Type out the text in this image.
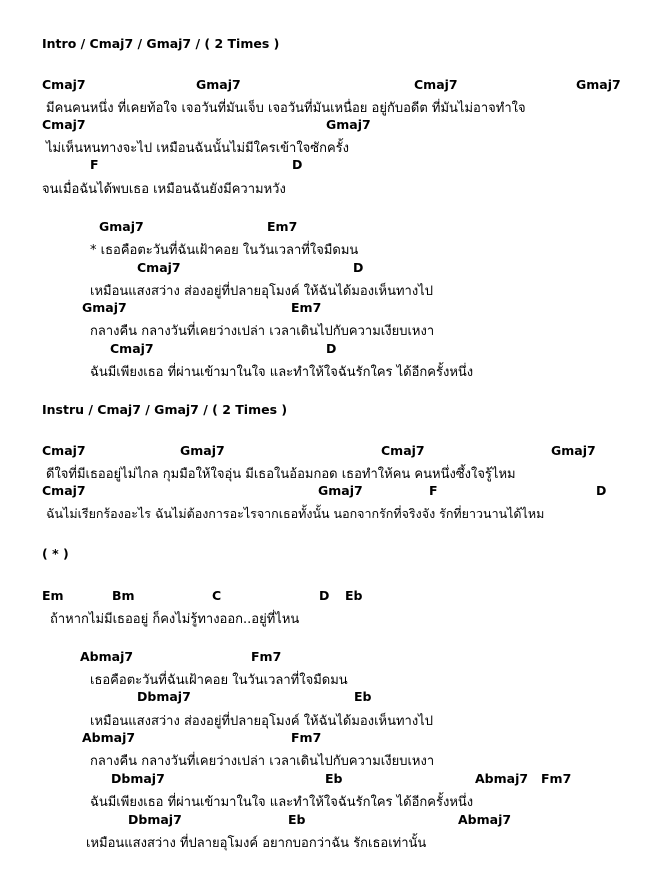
Intro / Cmaj7 / Gmaj7 / ( 2 Times )
Cmaj7	Gmaj7	Cmaj7	Gmaj7
มีคนคนหนึ่ง ที่เคยท้อใจ เจอวันที่มันเจ็บ เจอวันที่มันเหนื่อย อยู่กับอดีต ที่มันไม่อาจทำใจ
Cmaj7	Gmaj7
ไม่เห็นหนทางจะไป เหมือนฉันนั้นไม่มีใครเข้าใจซักครั้ง
F	D
จนเมื่อฉันได้พบเธอ เหมือนฉันยังมีความหวัง
Gmaj7	Em7
* เธอคือตะวันที่ฉันเฝ้าคอย ในวันเวลาที่ใจมืดมน
Cmaj7	D
เหมือนแสงสว่าง ส่องอยู่ที่ปลายอุโมงค์ ให้ฉันได้มองเห็นทางไป
Gmaj7	Em7
กลางคืน กลางวันที่เคยว่างเปล่า เวลาเดินไปกับความเงียบเหงา
Cmaj7	D
ฉันมีเพียงเธอ ที่ผ่านเข้ามาในใจ และทำให้ใจฉันรักใคร ได้อีกครั้งหนึ่ง
Instru / Cmaj7 / Gmaj7 / ( 2 Times )
Cmaj7	Gmaj7	Cmaj7	Gmaj7
ดีใจที่มีเธออยู่ไม่ไกล กุมมือให้ใจอุ่น มีเธอในอ้อมกอด เธอทำให้คน คนหนึ่งซึ้งใจรู้ไหม
Cmaj7	Gmaj7	F	D
ฉันไม่เรียกร้องอะไร ฉันไม่ต้องการอะไรจากเธอทั้งนั้น นอกจากรักที่จริงจัง รักที่ยาวนานได้ไหม
( * )
Em	Bm	C	D Eb
ถ้าหากไม่มีเธออยู่ ก็คงไม่รู้ทางออก..อยู่ที่ไหน
Abmaj7	Fm7
เธอคือตะวันที่ฉันเฝ้าคอย ในวันเวลาที่ใจมืดมน
Dbmaj7	Eb
เหมือนแสงสว่าง ส่องอยู่ที่ปลายอุโมงค์ ให้ฉันได้มองเห็นทางไป
Abmaj7	Fm7
กลางคืน กลางวันที่เคยว่างเปล่า เวลาเดินไปกับความเงียบเหงา
Dbmaj7	Eb	Abmaj7 Fm7
ฉันมีเพียงเธอ ที่ผ่านเข้ามาในใจ และทำให้ใจฉันรักใคร ได้อีกครั้งหนึ่ง
Dbmaj7	Eb	Abmaj7
เหมือนแสงสว่าง ที่ปลายอุโมงค์ อยากบอกว่าฉัน รักเธอเท่านั้น
